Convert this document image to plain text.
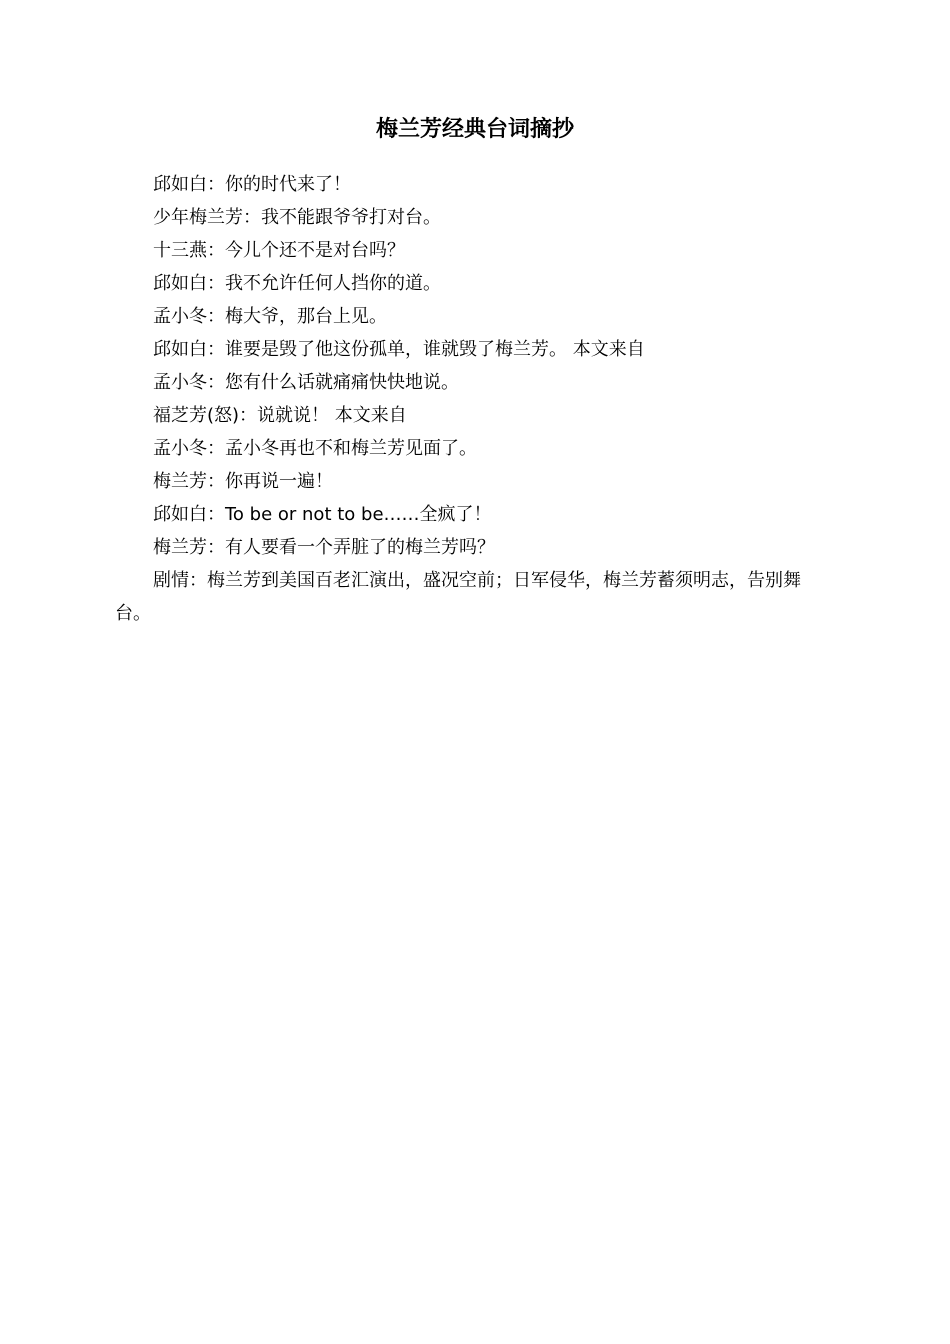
梅兰芳经典台词摘抄

邱如白：你的时代来了！

少年梅兰芳：我不能跟爷爷打对台。

十三燕：今儿个还不是对台吗？

邱如白：我不允许任何人挡你的道。

孟小冬：梅大爷，那台上见。

邱如白：谁要是毁了他这份孤单，谁就毁了梅兰芳。 本文来自

孟小冬：您有什么话就痛痛快快地说。

福芝芳(怒)：说就说！ 本文来自

孟小冬：孟小冬再也不和梅兰芳见面了。

梅兰芳：你再说一遍！

邱如白：To be or not to be……全疯了！

梅兰芳：有人要看一个弄脏了的梅兰芳吗？

剧情：梅兰芳到美国百老汇演出，盛况空前；日军侵华，梅兰芳蓄须明志，告别舞台。
